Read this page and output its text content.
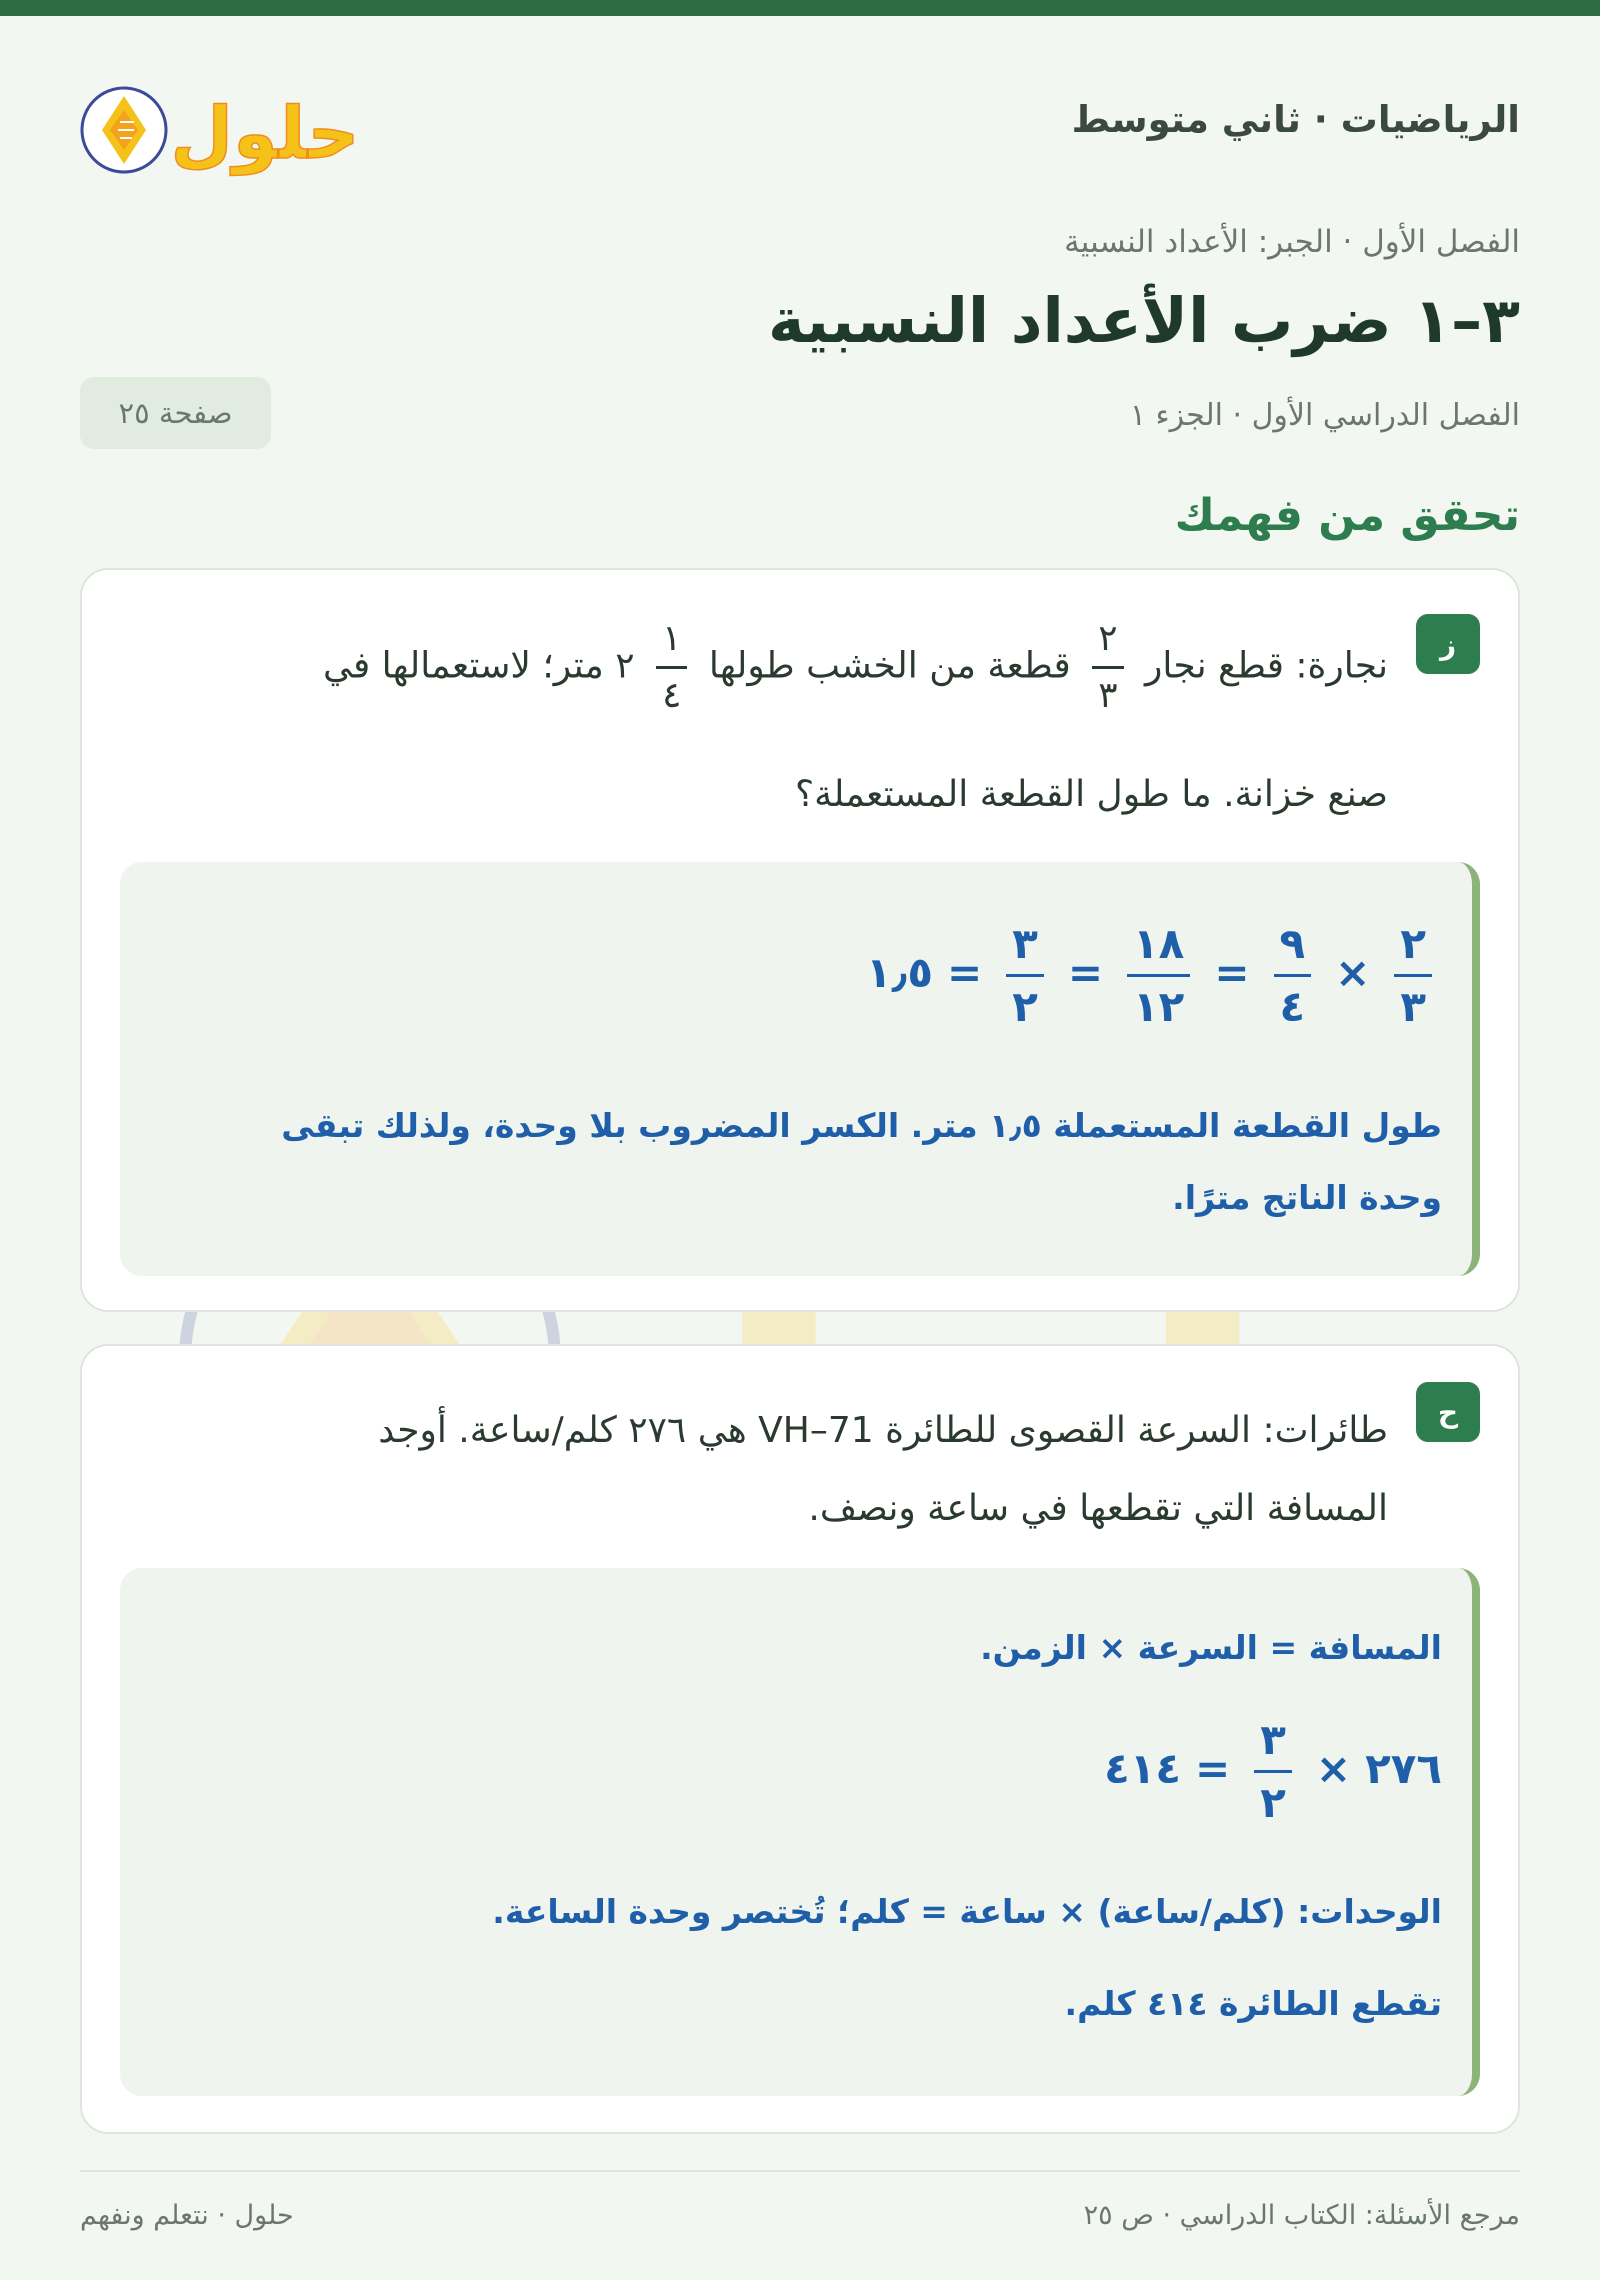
الرياضيات · ثاني متوسط
حلول
الفصل الأول · الجبر: الأعداد النسبية
٣–١ ضرب الأعداد النسبية
الفصل الدراسي الأول · الجزء ١
صفحة ٢٥
تحقق من فهمك
ز
نجارة: قطع نجار
$\frac{٢}{٣}$
قطعة من الخشب طولها
$\frac{١}{٤}$
٢ متر؛ لاستعمالها في
صنع خزانة. ما طول القطعة المستعملة؟
$\frac{٢}{٣}$
×
$\frac{٩}{٤}$
=
$\frac{١٨}{١٢}$
=
$\frac{٣}{٢}$
=١٫٥
طول القطعة المستعملة ١٫٥ متر. الكسر المضروب بلا وحدة، ولذلك تبقى
وحدة الناتج مترًا.
ح
طائرات: السرعة القصوى للطائرة VH–71 هي ٢٧٦ كلم/ساعة. أوجد
المسافة التي تقطعها في ساعة ونصف.
المسافة = السرعة × الزمن.
٢٧٦×
$\frac{٣}{٢}$
=٤١٤
الوحدات: (كلم/ساعة) × ساعة = كلم؛ تُختصر وحدة الساعة.
تقطع الطائرة ٤١٤ كلم.
حلول · نتعلم ونفهم	مرجع الأسئلة: الكتاب الدراسي · ص ٢٥
